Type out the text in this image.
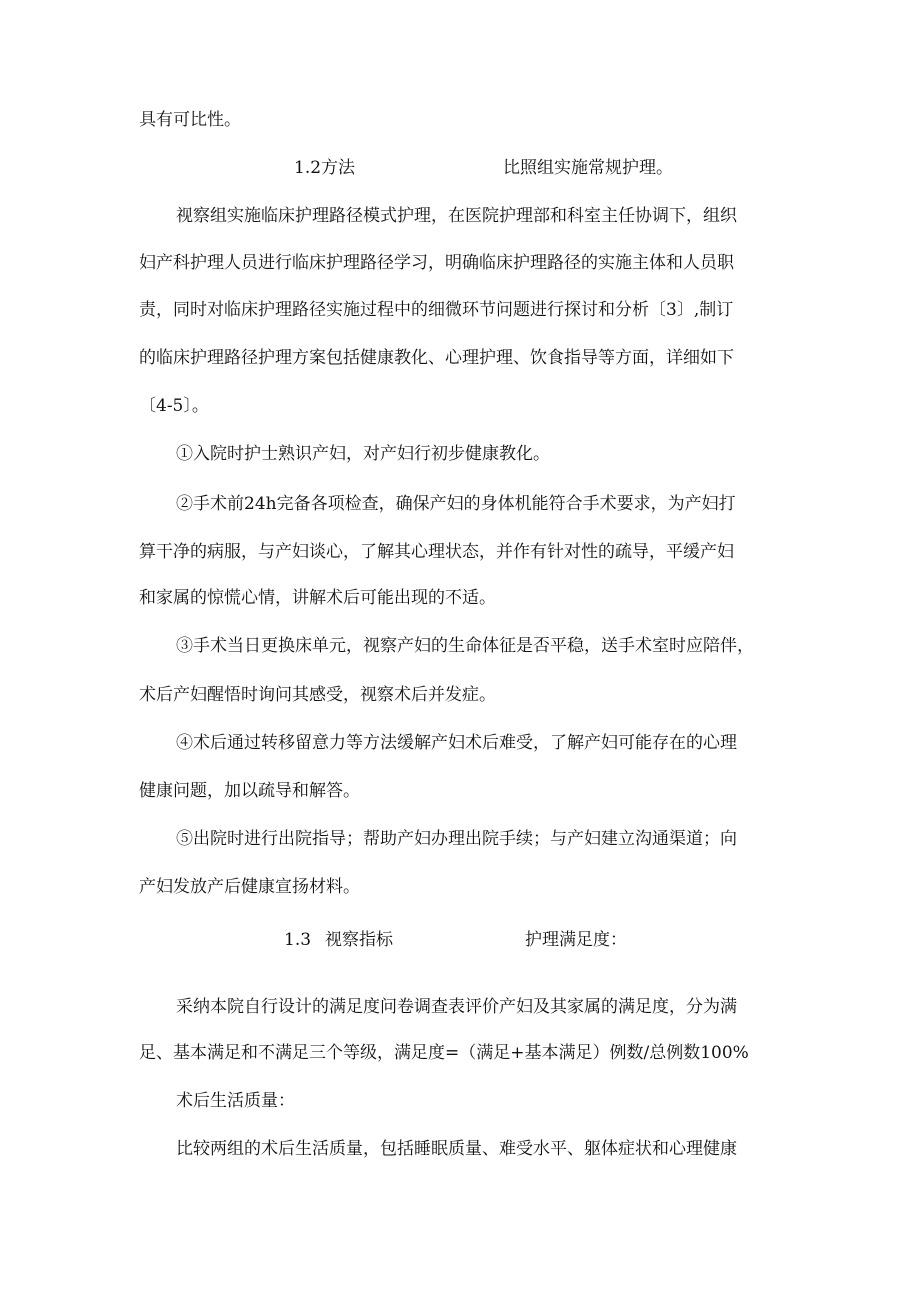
具有可比性。
1.2方法	比照组实施常规护理。
视察组实施临床护理路径模式护理，在医院护理部和科室主任协调下，组织
妇产科护理人员进行临床护理路径学习，明确临床护理路径的实施主体和人员职
责，同时对临床护理路径实施过程中的细微环节问题进行探讨和分析〔3〕,制订
的临床护理路径护理方案包括健康教化、心理护理、饮食指导等方面，详细如下
〔4-5〕。
①入院时护士熟识产妇，对产妇行初步健康教化。
②手术前24h完备各项检查，确保产妇的身体机能符合手术要求，为产妇打
算干净的病服，与产妇谈心，了解其心理状态，并作有针对性的疏导，平缓产妇
和家属的惊慌心情，讲解术后可能出现的不适。
③手术当日更换床单元，视察产妇的生命体征是否平稳，送手术室时应陪伴，
术后产妇醒悟时询问其感受，视察术后并发症。
④术后通过转移留意力等方法缓解产妇术后难受，了解产妇可能存在的心理
健康问题，加以疏导和解答。
⑤出院时进行出院指导；帮助产妇办理出院手续；与产妇建立沟通渠道；向
产妇发放产后健康宣扬材料。
1.3 视察指标	护理满足度：
采纳本院自行设计的满足度问卷调查表评价产妇及其家属的满足度，分为满
足、基本满足和不满足三个等级，满足度=（满足+基本满足）例数/总例数100%
术后生活质量：
比较两组的术后生活质量，包括睡眠质量、难受水平、躯体症状和心理健康
